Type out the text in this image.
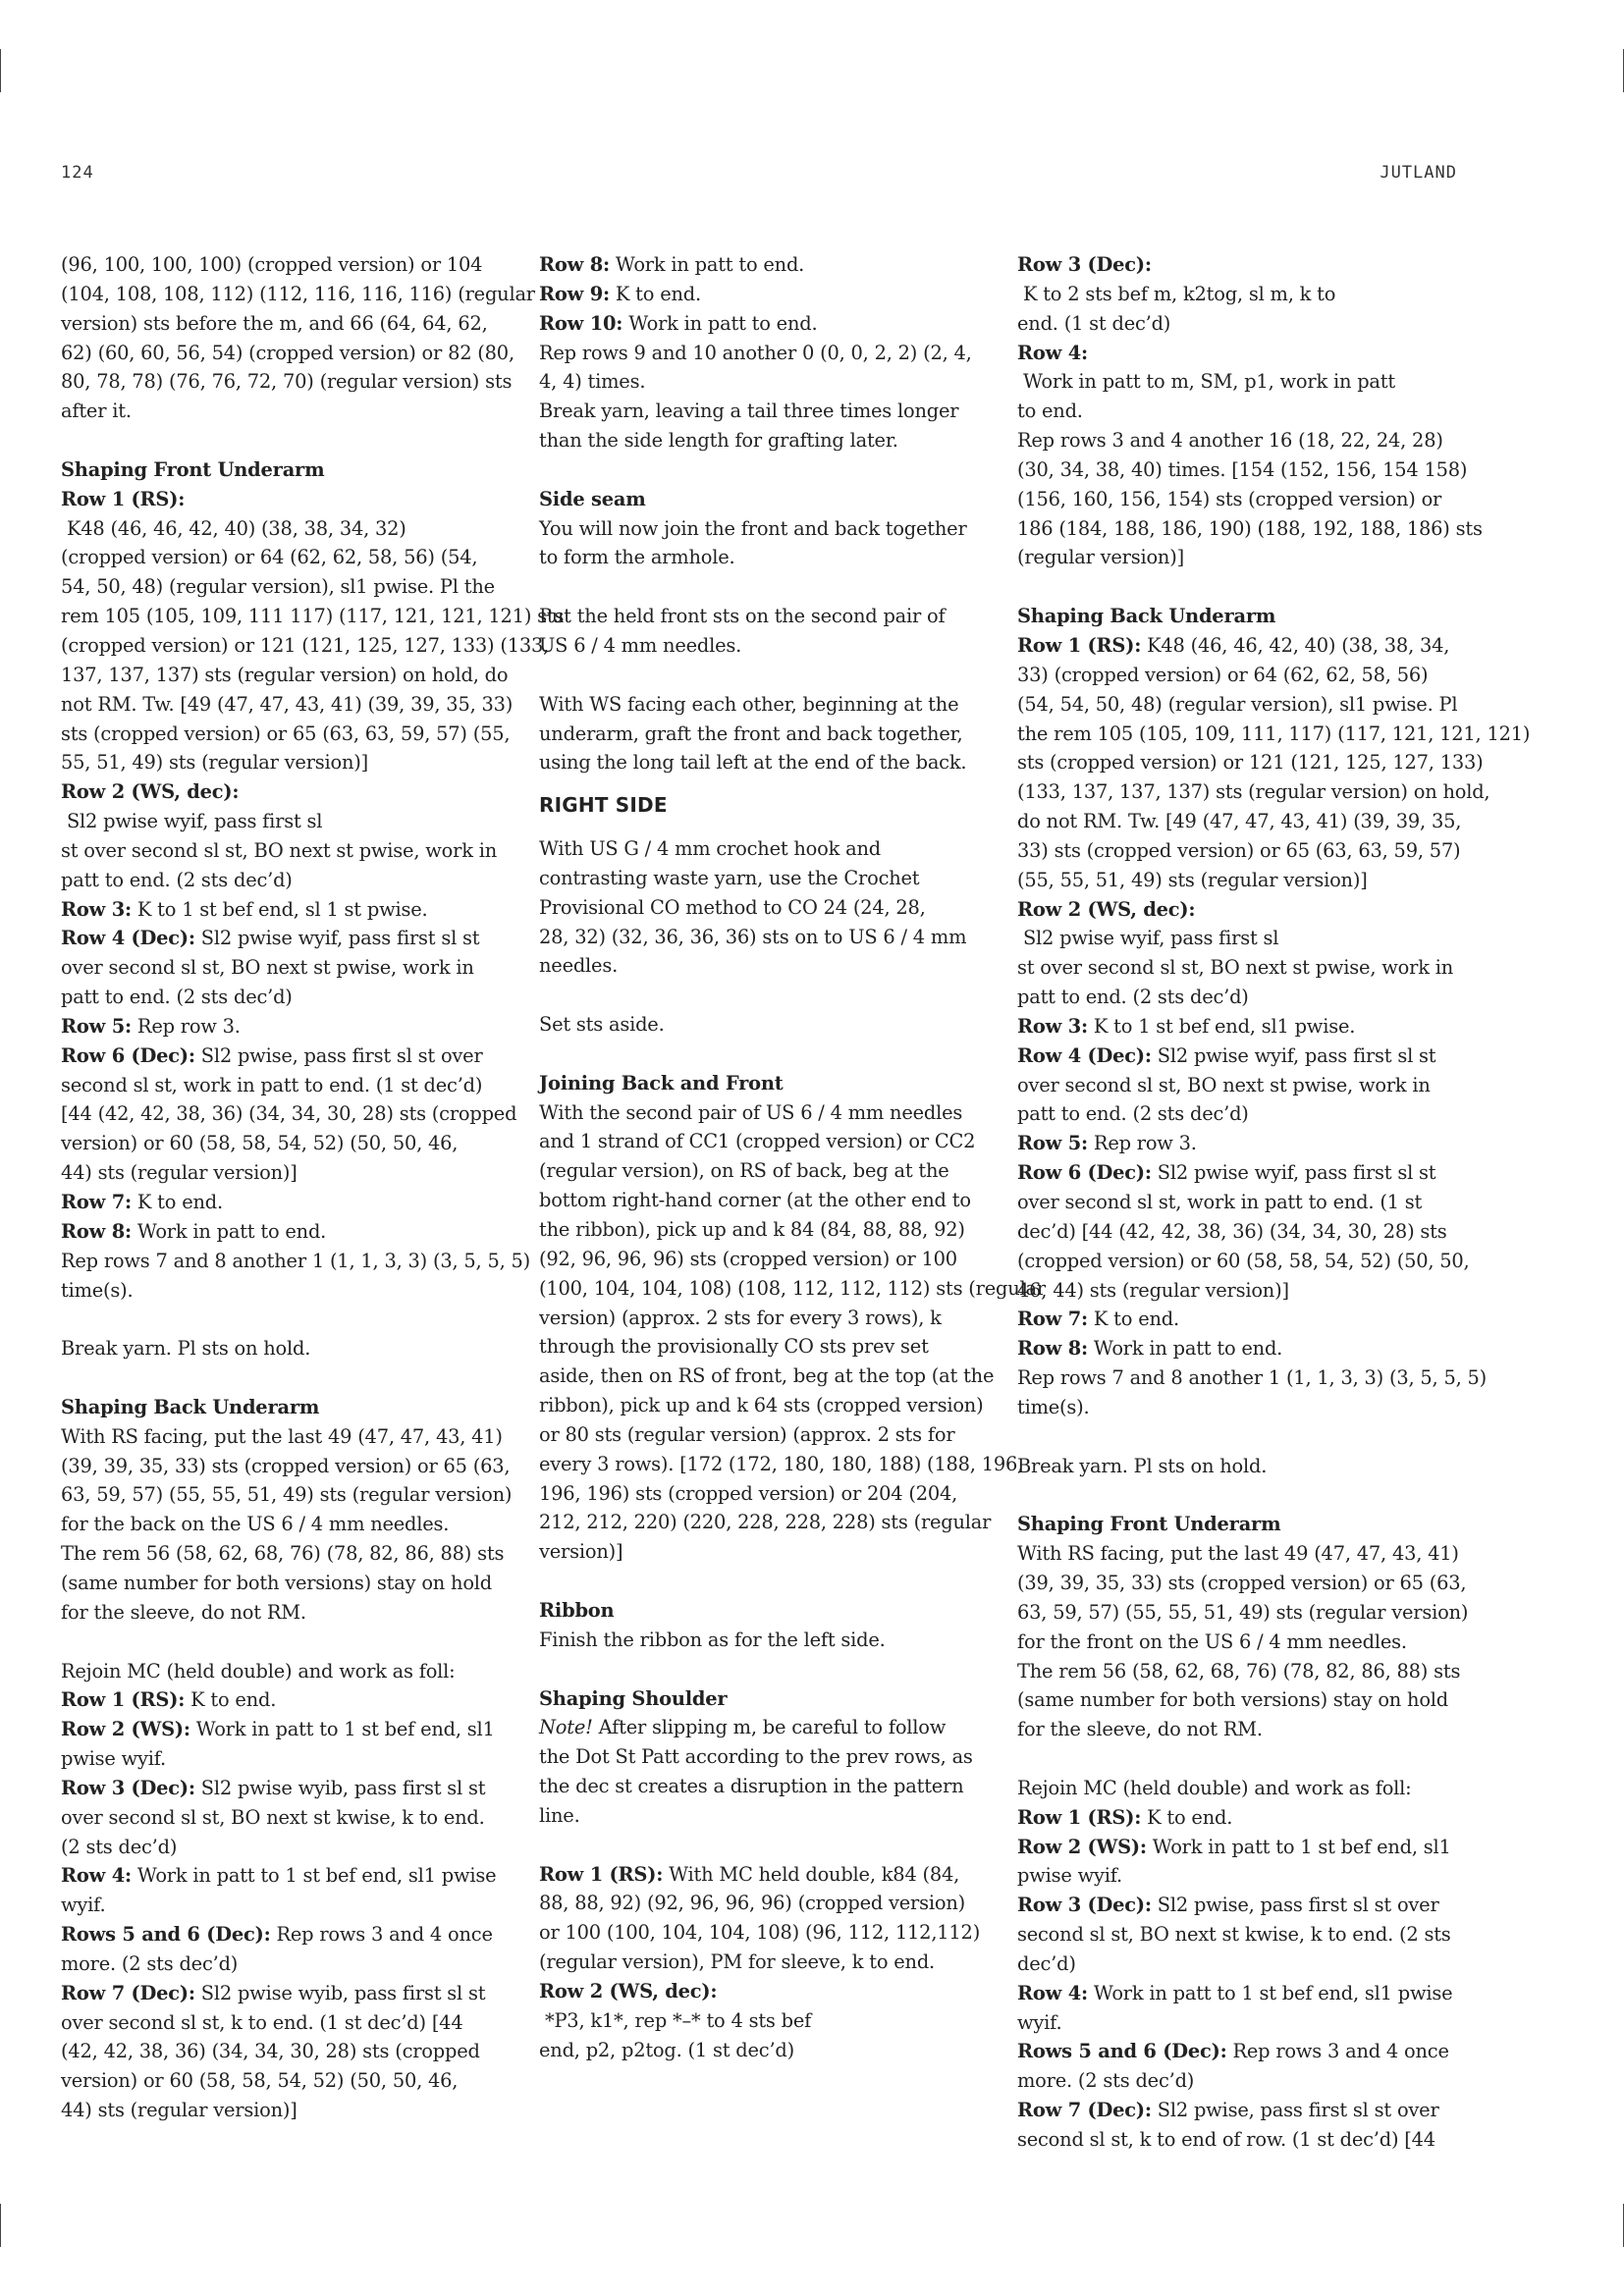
124	JUTLAND

(96, 100, 100, 100) (cropped version) or 104

(104, 108, 108, 112) (112, 116, 116, 116) (regular

version) sts before the m, and 66 (64, 64, 62,

62) (60, 60, 56, 54) (cropped version) or 82 (80,

80, 78, 78) (76, 76, 72, 70) (regular version) sts

after it.

Shaping Front Underarm

Row 1 (RS): K48 (46, 46, 42, 40) (38, 38, 34, 32)

(cropped version) or 64 (62, 62, 58, 56) (54,

54, 50, 48) (regular version), sl1 pwise. Pl the

rem 105 (105, 109, 111 117) (117, 121, 121, 121) sts

(cropped version) or 121 (121, 125, 127, 133) (133,

137, 137, 137) sts (regular version) on hold, do

not RM. Tw. [49 (47, 47, 43, 41) (39, 39, 35, 33)

sts (cropped version) or 65 (63, 63, 59, 57) (55,

55, 51, 49) sts (regular version)]

Row 2 (WS, dec): Sl2 pwise wyif, pass first sl

st over second sl st, BO next st pwise, work in

patt to end. (2 sts dec’d)

Row 3: K to 1 st bef end, sl 1 st pwise.

Row 4 (Dec): Sl2 pwise wyif, pass first sl st

over second sl st, BO next st pwise, work in

patt to end. (2 sts dec’d)

Row 5: Rep row 3.

Row 6 (Dec): Sl2 pwise, pass first sl st over

second sl st, work in patt to end. (1 st dec’d)

[44 (42, 42, 38, 36) (34, 34, 30, 28) sts (cropped

version) or 60 (58, 58, 54, 52) (50, 50, 46,

44) sts (regular version)]

Row 7: K to end.

Row 8: Work in patt to end.

Rep rows 7 and 8 another 1 (1, 1, 3, 3) (3, 5, 5, 5)

time(s).

Break yarn. Pl sts on hold.

Shaping Back Underarm

With RS facing, put the last 49 (47, 47, 43, 41)

(39, 39, 35, 33) sts (cropped version) or 65 (63,

63, 59, 57) (55, 55, 51, 49) sts (regular version)

for the back on the US 6 / 4 mm needles.

The rem 56 (58, 62, 68, 76) (78, 82, 86, 88) sts

(same number for both versions) stay on hold

for the sleeve, do not RM.

Rejoin MC (held double) and work as foll:

Row 1 (RS): K to end.

Row 2 (WS): Work in patt to 1 st bef end, sl1

pwise wyif.

Row 3 (Dec): Sl2 pwise wyib, pass first sl st

over second sl st, BO next st kwise, k to end.

(2 sts dec’d)

Row 4: Work in patt to 1 st bef end, sl1 pwise

wyif.

Rows 5 and 6 (Dec): Rep rows 3 and 4 once

more. (2 sts dec’d)

Row 7 (Dec): Sl2 pwise wyib, pass first sl st

over second sl st, k to end. (1 st dec’d) [44

(42, 42, 38, 36) (34, 34, 30, 28) sts (cropped

version) or 60 (58, 58, 54, 52) (50, 50, 46,

44) sts (regular version)]

Row 8: Work in patt to end.

Row 9: K to end.

Row 10: Work in patt to end.

Rep rows 9 and 10 another 0 (0, 0, 2, 2) (2, 4,

4, 4) times.

Break yarn, leaving a tail three times longer

than the side length for grafting later.

Side seam

You will now join the front and back together

to form the armhole.

Put the held front sts on the second pair of

US 6 / 4 mm needles.

With WS facing each other, beginning at the

underarm, graft the front and back together,

using the long tail left at the end of the back.

RIGHT SIDE

With US G / 4 mm crochet hook and

contrasting waste yarn, use the Crochet

Provisional CO method to CO 24 (24, 28,

28, 32) (32, 36, 36, 36) sts on to US 6 / 4 mm

needles.

Set sts aside.

Joining Back and Front

With the second pair of US 6 / 4 mm needles

and 1 strand of CC1 (cropped version) or CC2

(regular version), on RS of back, beg at the

bottom right-hand corner (at the other end to

the ribbon), pick up and k 84 (84, 88, 88, 92)

(92, 96, 96, 96) sts (cropped version) or 100

(100, 104, 104, 108) (108, 112, 112, 112) sts (regular

version) (approx. 2 sts for every 3 rows), k

through the provisionally CO sts prev set

aside, then on RS of front, beg at the top (at the

ribbon), pick up and k 64 sts (cropped version)

or 80 sts (regular version) (approx. 2 sts for

every 3 rows). [172 (172, 180, 180, 188) (188, 196,

196, 196) sts (cropped version) or 204 (204,

212, 212, 220) (220, 228, 228, 228) sts (regular

version)]

Ribbon

Finish the ribbon as for the left side.

Shaping Shoulder

Note! After slipping m, be careful to follow

the Dot St Patt according to the prev rows, as

the dec st creates a disruption in the pattern

line.

Row 1 (RS): With MC held double, k84 (84,

88, 88, 92) (92, 96, 96, 96) (cropped version)

or 100 (100, 104, 104, 108) (96, 112, 112,112)

(regular version), PM for sleeve, k to end.

Row 2 (WS, dec): *P3, k1*, rep *–* to 4 sts bef

end, p2, p2tog. (1 st dec’d)

Row 3 (Dec): K to 2 sts bef m, k2tog, sl m, k to

end. (1 st dec’d)

Row 4: Work in patt to m, SM, p1, work in patt

to end.

Rep rows 3 and 4 another 16 (18, 22, 24, 28)

(30, 34, 38, 40) times. [154 (152, 156, 154 158)

(156, 160, 156, 154) sts (cropped version) or

186 (184, 188, 186, 190) (188, 192, 188, 186) sts

(regular version)]

Shaping Back Underarm

Row 1 (RS): K48 (46, 46, 42, 40) (38, 38, 34,

33) (cropped version) or 64 (62, 62, 58, 56)

(54, 54, 50, 48) (regular version), sl1 pwise. Pl

the rem 105 (105, 109, 111, 117) (117, 121, 121, 121)

sts (cropped version) or 121 (121, 125, 127, 133)

(133, 137, 137, 137) sts (regular version) on hold,

do not RM. Tw. [49 (47, 47, 43, 41) (39, 39, 35,

33) sts (cropped version) or 65 (63, 63, 59, 57)

(55, 55, 51, 49) sts (regular version)]

Row 2 (WS, dec): Sl2 pwise wyif, pass first sl

st over second sl st, BO next st pwise, work in

patt to end. (2 sts dec’d)

Row 3: K to 1 st bef end, sl1 pwise.

Row 4 (Dec): Sl2 pwise wyif, pass first sl st

over second sl st, BO next st pwise, work in

patt to end. (2 sts dec’d)

Row 5: Rep row 3.

Row 6 (Dec): Sl2 pwise wyif, pass first sl st

over second sl st, work in patt to end. (1 st

dec’d) [44 (42, 42, 38, 36) (34, 34, 30, 28) sts

(cropped version) or 60 (58, 58, 54, 52) (50, 50,

46, 44) sts (regular version)]

Row 7: K to end.

Row 8: Work in patt to end.

Rep rows 7 and 8 another 1 (1, 1, 3, 3) (3, 5, 5, 5)

time(s).

Break yarn. Pl sts on hold.

Shaping Front Underarm

With RS facing, put the last 49 (47, 47, 43, 41)

(39, 39, 35, 33) sts (cropped version) or 65 (63,

63, 59, 57) (55, 55, 51, 49) sts (regular version)

for the front on the US 6 / 4 mm needles.

The rem 56 (58, 62, 68, 76) (78, 82, 86, 88) sts

(same number for both versions) stay on hold

for the sleeve, do not RM.

Rejoin MC (held double) and work as foll:

Row 1 (RS): K to end.

Row 2 (WS): Work in patt to 1 st bef end, sl1

pwise wyif.

Row 3 (Dec): Sl2 pwise, pass first sl st over

second sl st, BO next st kwise, k to end. (2 sts

dec’d)

Row 4: Work in patt to 1 st bef end, sl1 pwise

wyif.

Rows 5 and 6 (Dec): Rep rows 3 and 4 once

more. (2 sts dec’d)

Row 7 (Dec): Sl2 pwise, pass first sl st over

second sl st, k to end of row. (1 st dec’d) [44
